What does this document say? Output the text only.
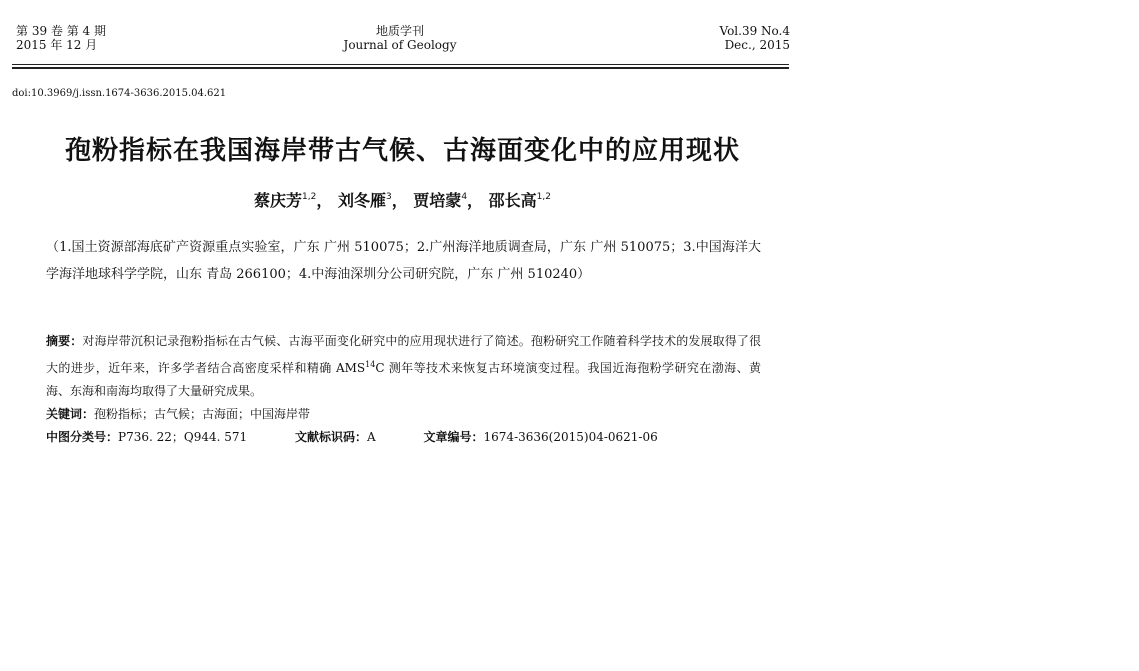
第 39 卷 第 4 期
2015 年 12 月
地质学刊
Journal of Geology
Vol.39 No.4
Dec., 2015
doi:10.3969/j.issn.1674-3636.2015.04.621
孢粉指标在我国海岸带古气候、古海面变化中的应用现状
蔡庆芳$^{1,2}$， 刘冬雁$^3$， 贾培蒙$^4$， 邵长高$^{1,2}$
（1.国土资源部海底矿产资源重点实验室，广东 广州 510075；2.广州海洋地质调查局，广东 广州 510075；3.中国海洋大学海洋地球科学学院，山东 青岛 266100；4.中海油深圳分公司研究院，广东 广州 510240）
摘要：对海岸带沉积记录孢粉指标在古气候、古海平面变化研究中的应用现状进行了简述。孢粉研究工作随着科学技术的发展取得了很大的进步，近年来，许多学者结合高密度采样和精确 AMS$^{14}$C 测年等技术来恢复古环境演变过程。我国近海孢粉学研究在渤海、黄海、东海和南海均取得了大量研究成果。
关键词：孢粉指标；古气候；古海面；中国海岸带
中图分类号：P736. 22；Q944. 571	文献标识码：A	文章编号：1674-3636(2015)04-0621-06
